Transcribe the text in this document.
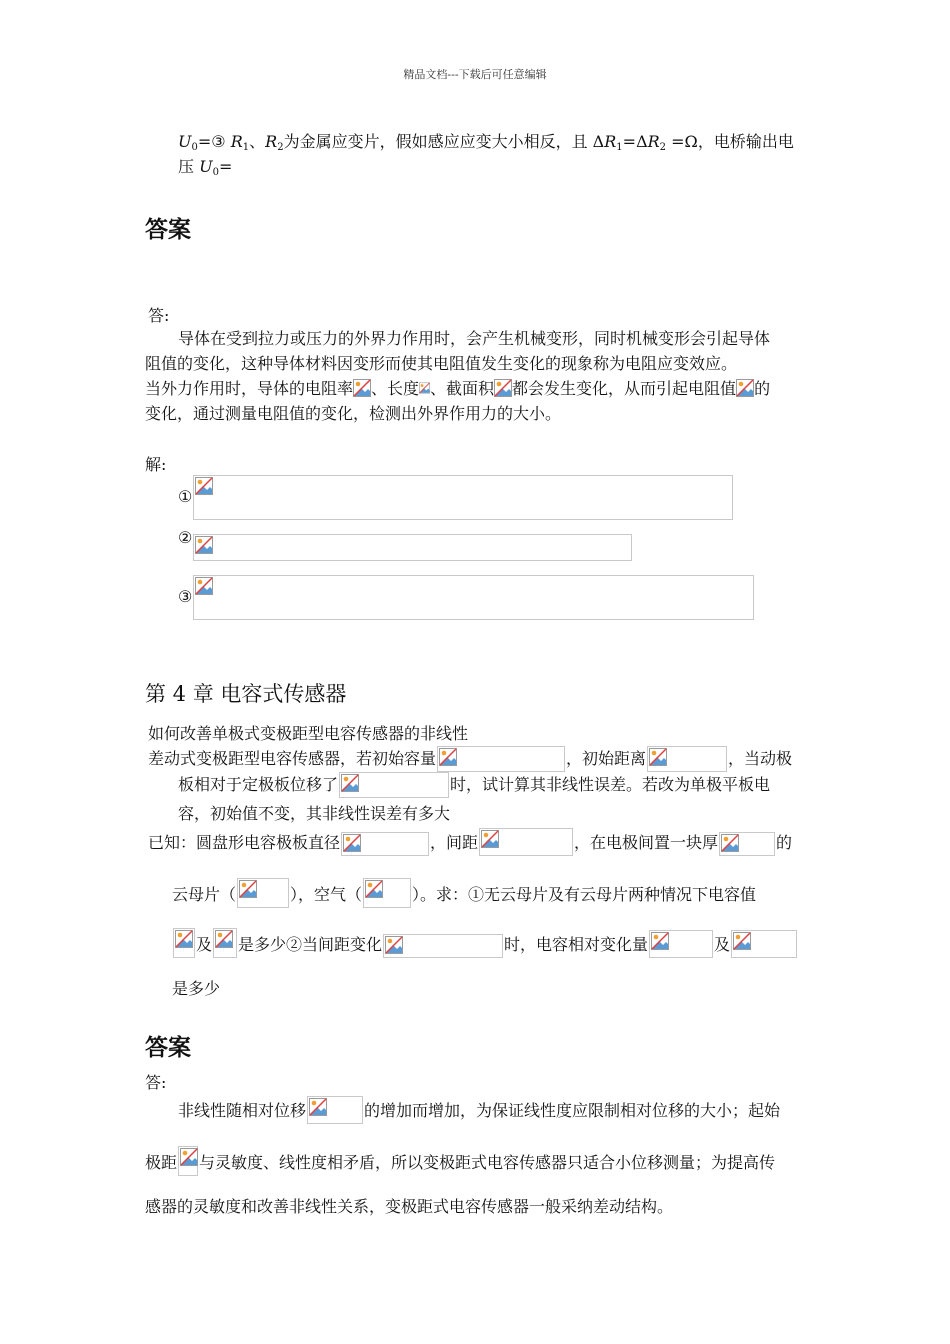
精品文档---下载后可任意编辑
$U_0=③$ $R_1$、$R_2$为金属应变片，假如感应应变大小相反，且 $\Delta R_1=\Delta R_2 =\Omega$，电桥输出电
压 $U_0=$
答案
答:
导体在受到拉力或压力的外界力作用时，会产生机械变形，同时机械变形会引起导体
阻值的变化，这种导体材料因变形而使其电阻值发生变化的现象称为电阻应变效应。
当外力作用时，导体的电阻率 、长度 、截面积 都会发生变化，从而引起电阻值 的
变化，通过测量电阻值的变化，检测出外界作用力的大小。
解:
①
②
③
第 4 章 电容式传感器
如何改善单极式变极距型电容传感器的非线性
差动式变极距型电容传感器，若初始容量	，初始距离	，当动极
板相对于定极板位移了	时，试计算其非线性误差。若改为单极平板电
容，初始值不变，其非线性误差有多大
已知：圆盘形电容极板直径	，间距	，在电极间置一块厚	的
云母片（	），空气（	）。求：①无云母片及有云母片两种情况下电容值
及 是多少②当间距变化	时，电容相对变化量	及
是多少
答案
答:
非线性随相对位移	的增加而增加，为保证线性度应限制相对位移的大小；起始
极距 与灵敏度、线性度相矛盾，所以变极距式电容传感器只适合小位移测量；为提高传
感器的灵敏度和改善非线性关系，变极距式电容传感器一般采纳差动结构。
